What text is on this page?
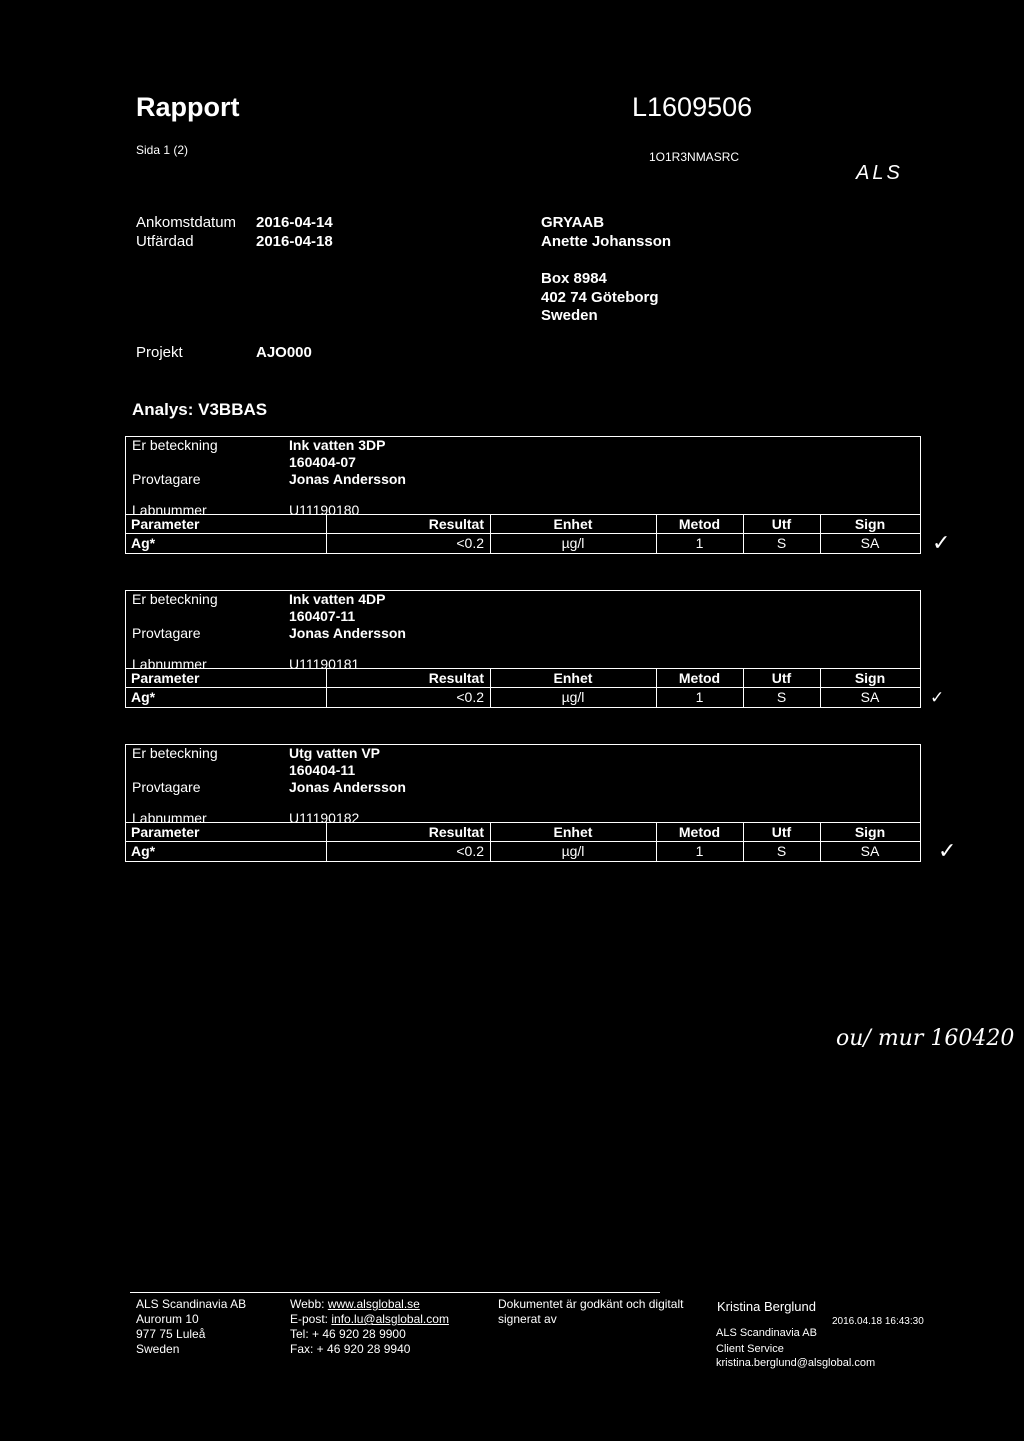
Rapport	L1609506
Sida 1 (2)	1O1R3NMASRC
ALS
Ankomstdatum 2016-04-14
Utfärdad	2016-04-18
GRYAAB
Anette Johansson
Box 8984
402 74 Göteborg
Sweden
Projekt	AJO000
Analys: V3BBAS
Er beteckning	Ink vatten 3DP
160404-07
Provtagare	Jonas Andersson
Labnummer	U11190180
Parameter	Resultat	Enhet	Metod	Utf	Sign
Ag*	<0.2	µg/l	1	S	SA	✓
Er beteckning	Ink vatten 4DP
160407-11
Provtagare	Jonas Andersson
Labnummer	U11190181
Parameter	Resultat	Enhet	Metod	Utf	Sign
Ag*	<0.2	µg/l	1	S	SA	✓
Er beteckning	Utg vatten VP
160404-11
Provtagare	Jonas Andersson
Labnummer	U11190182
Parameter	Resultat	Enhet	Metod	Utf	Sign
Ag*	<0.2	µg/l	1	S	SA	✓
ou/ mur 160420
ALS Scandinavia AB
Aurorum 10
977 75 Luleå
Sweden
Webb: www.alsglobal.se
E-post: info.lu@alsglobal.com
Tel: + 46 920 28 9900
Fax: + 46 920 28 9940
Dokumentet är godkänt och digitalt
signerat av
Kristina Berglund
2016.04.18 16:43:30
ALS Scandinavia AB
Client Service
kristina.berglund@alsglobal.com
